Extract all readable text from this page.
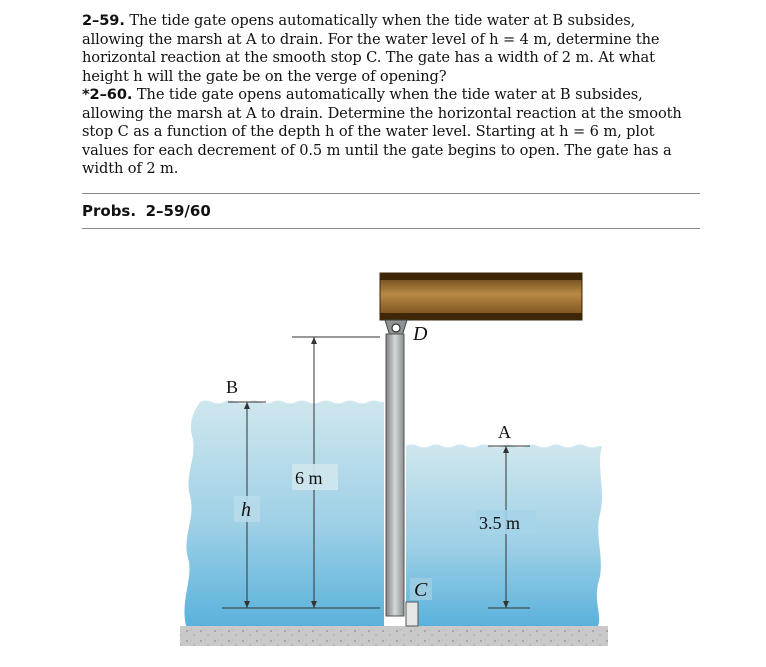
2–59. The tide gate opens automatically when the tide water at B subsides,
allowing the marsh at A to drain. For the water level of h = 4 m, determine the
horizontal reaction at the smooth stop C. The gate has a width of 2 m. At what
height h will the gate be on the verge of opening?
*2–60. The tide gate opens automatically when the tide water at B subsides,
allowing the marsh at A to drain. Determine the horizontal reaction at the smooth
stop C as a function of the depth h of the water level. Starting at h = 6 m, plot
values for each decrement of 0.5 m until the gate begins to open. The gate has a
width of 2 m.
Probs. 2–59/60
B
D
6 m
h
A
3.5 m
C
